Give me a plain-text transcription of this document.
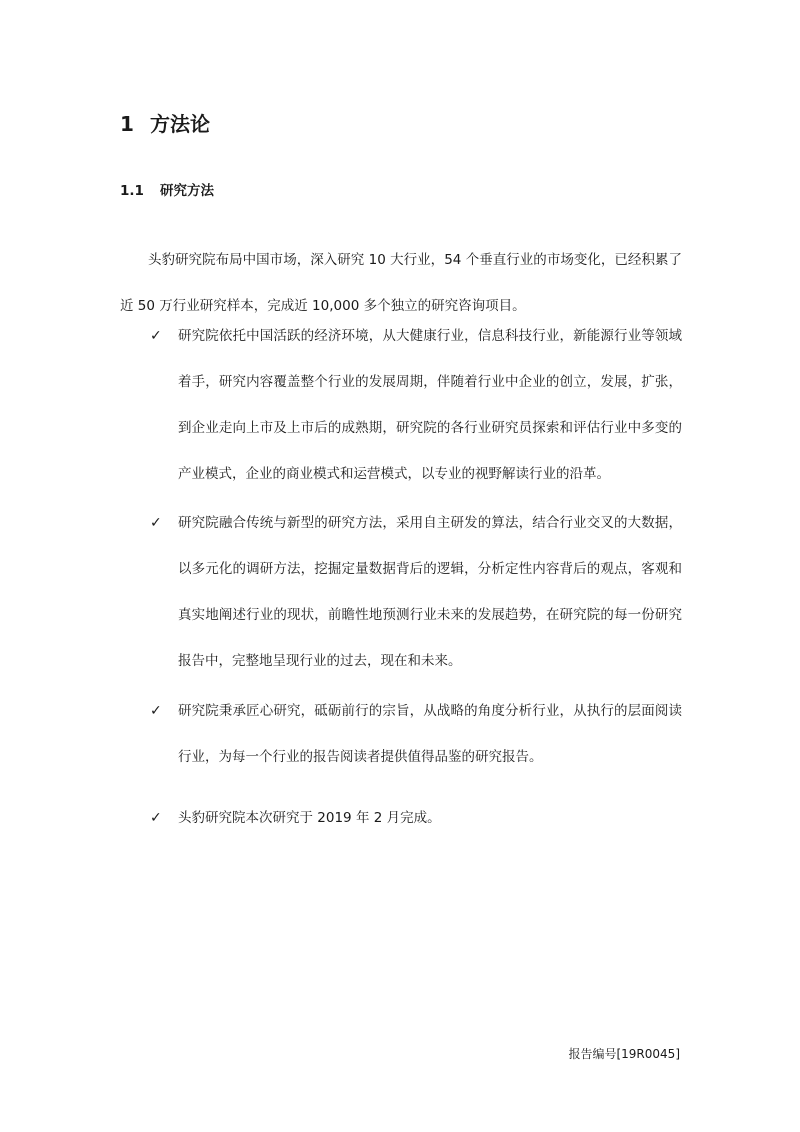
1 方法论
1.1 研究方法

头豹研究院布局中国市场，深入研究 10 大行业，54 个垂直行业的市场变化，已经积累了近 50 万行业研究样本，完成近 10,000 多个独立的研究咨询项目。

✓ 研究院依托中国活跃的经济环境，从大健康行业，信息科技行业，新能源行业等领域着手，研究内容覆盖整个行业的发展周期，伴随着行业中企业的创立，发展，扩张，到企业走向上市及上市后的成熟期，研究院的各行业研究员探索和评估行业中多变的产业模式，企业的商业模式和运营模式，以专业的视野解读行业的沿革。

✓ 研究院融合传统与新型的研究方法，采用自主研发的算法，结合行业交叉的大数据，以多元化的调研方法，挖掘定量数据背后的逻辑，分析定性内容背后的观点，客观和真实地阐述行业的现状，前瞻性地预测行业未来的发展趋势，在研究院的每一份研究报告中，完整地呈现行业的过去，现在和未来。

✓ 研究院秉承匠心研究，砥砺前行的宗旨，从战略的角度分析行业，从执行的层面阅读行业，为每一个行业的报告阅读者提供值得品鉴的研究报告。

✓ 头豹研究院本次研究于 2019 年 2 月完成。

报告编号[19R0045]
